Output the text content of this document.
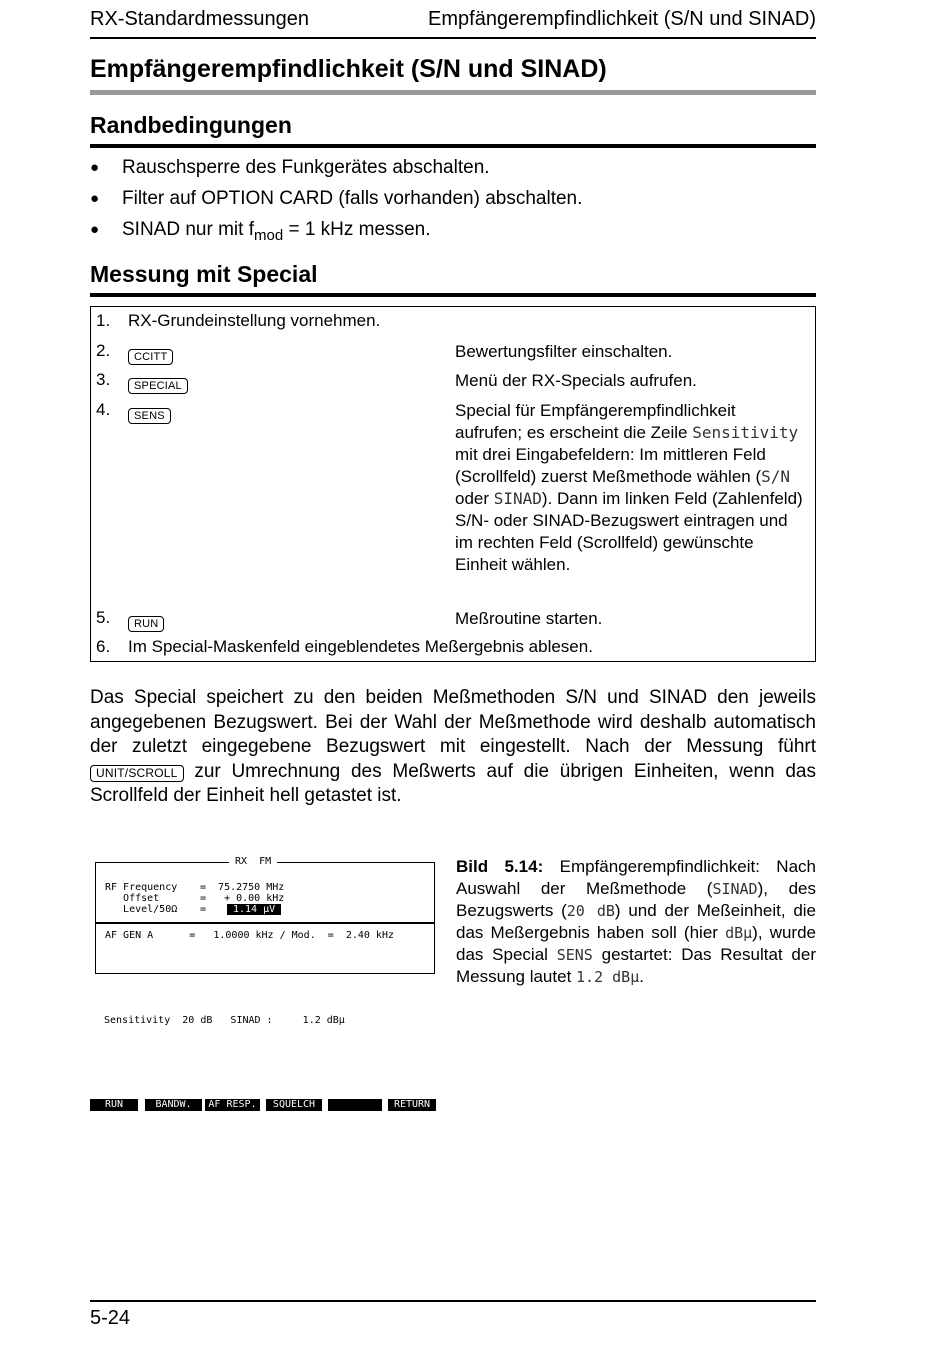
RX-Standardmessungen	Empfängerempfindlichkeit (S/N und SINAD)
Empfängerempfindlichkeit (S/N und SINAD)
Randbedingungen
● Rauschsperre des Funkgerätes abschalten.
● Filter auf OPTION CARD (falls vorhanden) abschalten.
● SINAD nur mit $f_{mod} = 1$ kHz messen.
Messung mit Special
1. RX-Grundeinstellung vornehmen.
2.	CCITT	Bewertungsfilter einschalten.
3.	SPECIAL	Menü der RX-Specials aufrufen.
4.	SENS	Special für Empfängerempfindlichkeit aufrufen; es erscheint die Zeile Sensitivity mit drei Eingabefeldern: Im mittleren Feld (Scrollfeld) zuerst Meßmethode wählen (S/N oder SINAD). Dann im linken Feld (Zahlenfeld) S/N- oder SINAD-Bezugswert eintragen und im rechten Feld (Scrollfeld) gewünschte Einheit wählen.
5.	RUN	Meßroutine starten.
6. Im Special-Maskenfeld eingeblendetes Meßergebnis ablesen.
Das Special speichert zu den beiden Meßmethoden S/N und SINAD den jeweils angegebenen Bezugswert. Bei der Wahl der Meßmethode wird deshalb automatisch der zuletzt eingegebene Bezugswert mit eingestellt. Nach der Messung führt UNIT/SCROLL zur Umrechnung des Meßwerts auf die übrigen Einheiten, wenn das Scrollfeld der Einheit hell getastet ist.
RX  FM
RF Frequency =  75.2750 MHz
Offset	=   + 0.00 kHz
Level/50Ω =	1.14 μV
AF GEN A      =   1.0000 kHz / Mod.  =  2.40 kHz
Sensitivity  20 dB   SINAD :     1.2 dBμ
RUN	BANDW.	AF RESP.	SQUELCH	RETURN
Bild 5.14: Empfängerempfindlichkeit: Nach Auswahl der Meßmethode (SINAD), des Bezugswerts (20 dB) und der Meßeinheit, die das Meßergebnis haben soll (hier dBμ), wurde das Special SENS gestartet: Das Resultat der Messung lautet 1.2 dBμ.
5-24
